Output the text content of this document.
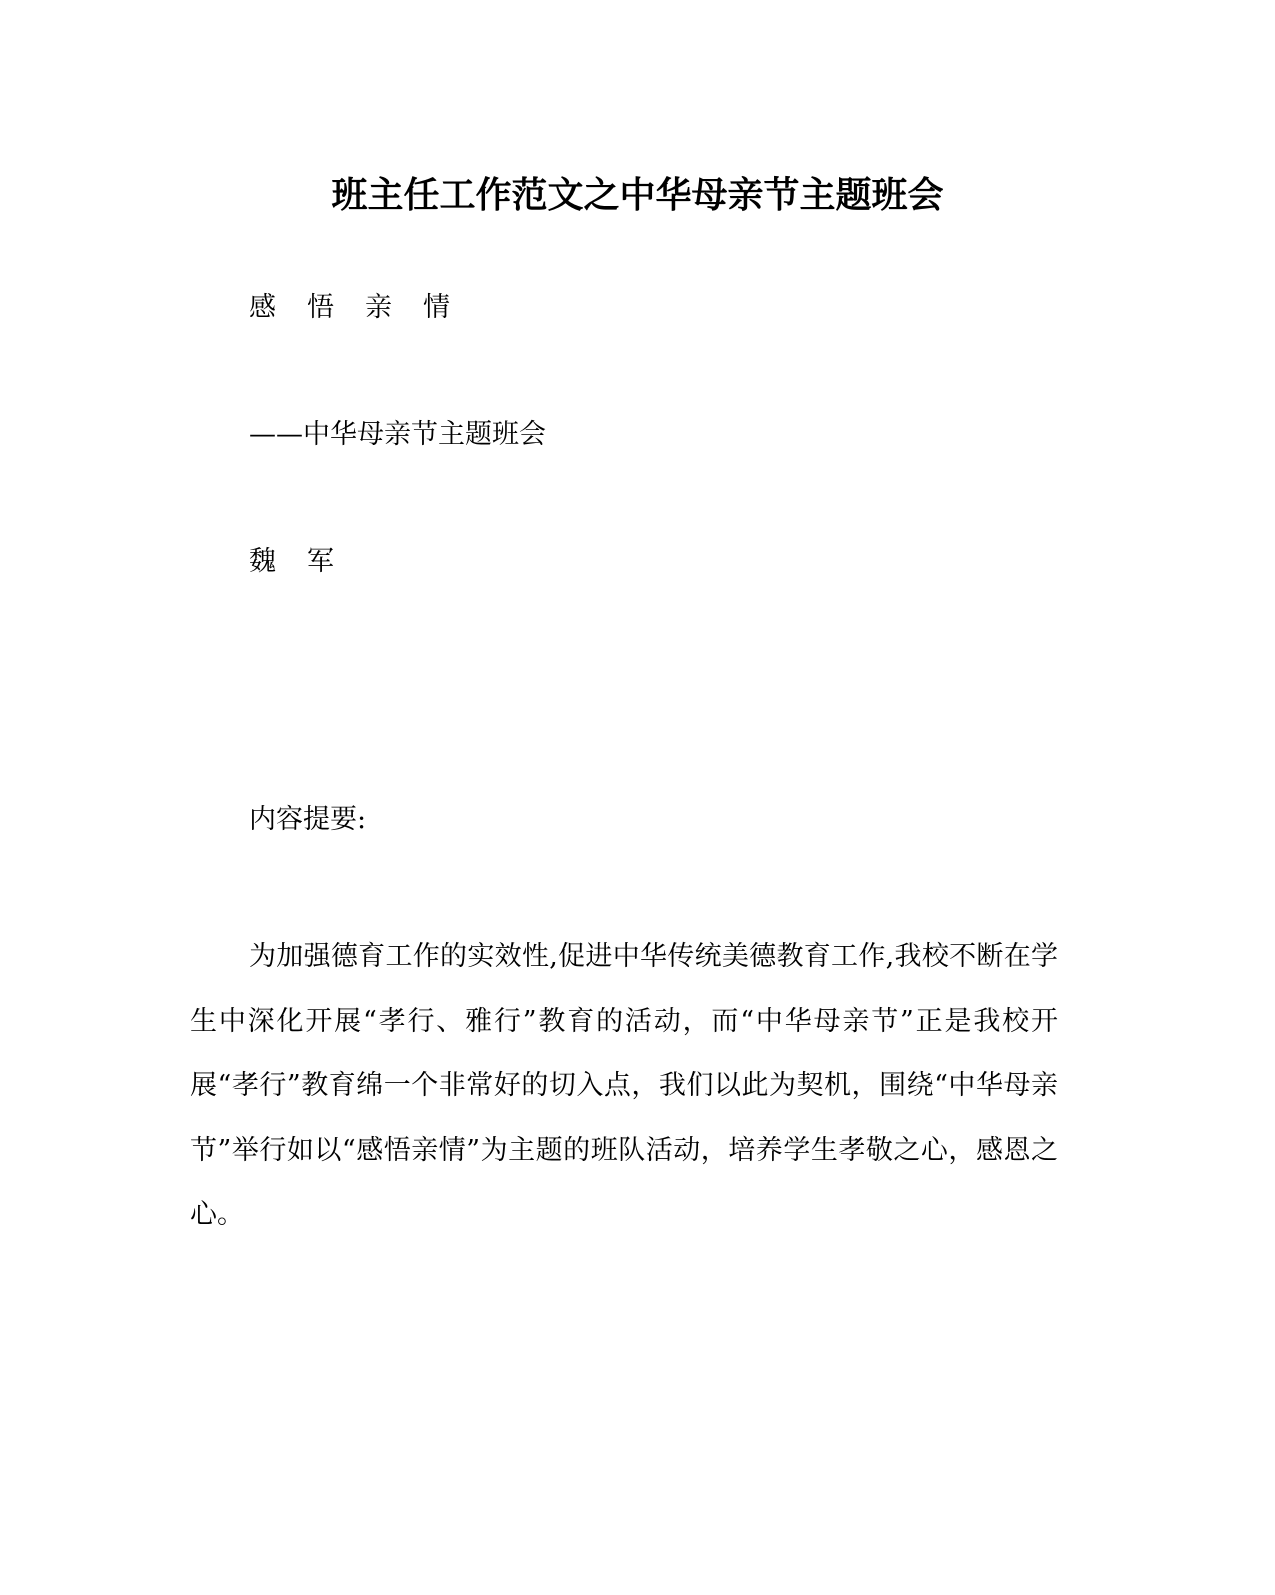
班主任工作范文之中华母亲节主题班会
感悟亲情
——中华母亲节主题班会
魏军
内容提要:
为加强德育工作的实效性,促进中华传统美德教育工作,我校不断在学生中深化开展“孝行、雅行”教育的活动，而“中华母亲节”正是我校开展“孝行”教育绵一个非常好的切入点，我们以此为契机，围绕“中华母亲节”举行如以“感悟亲情”为主题的班队活动，培养学生孝敬之心，感恩之心。
